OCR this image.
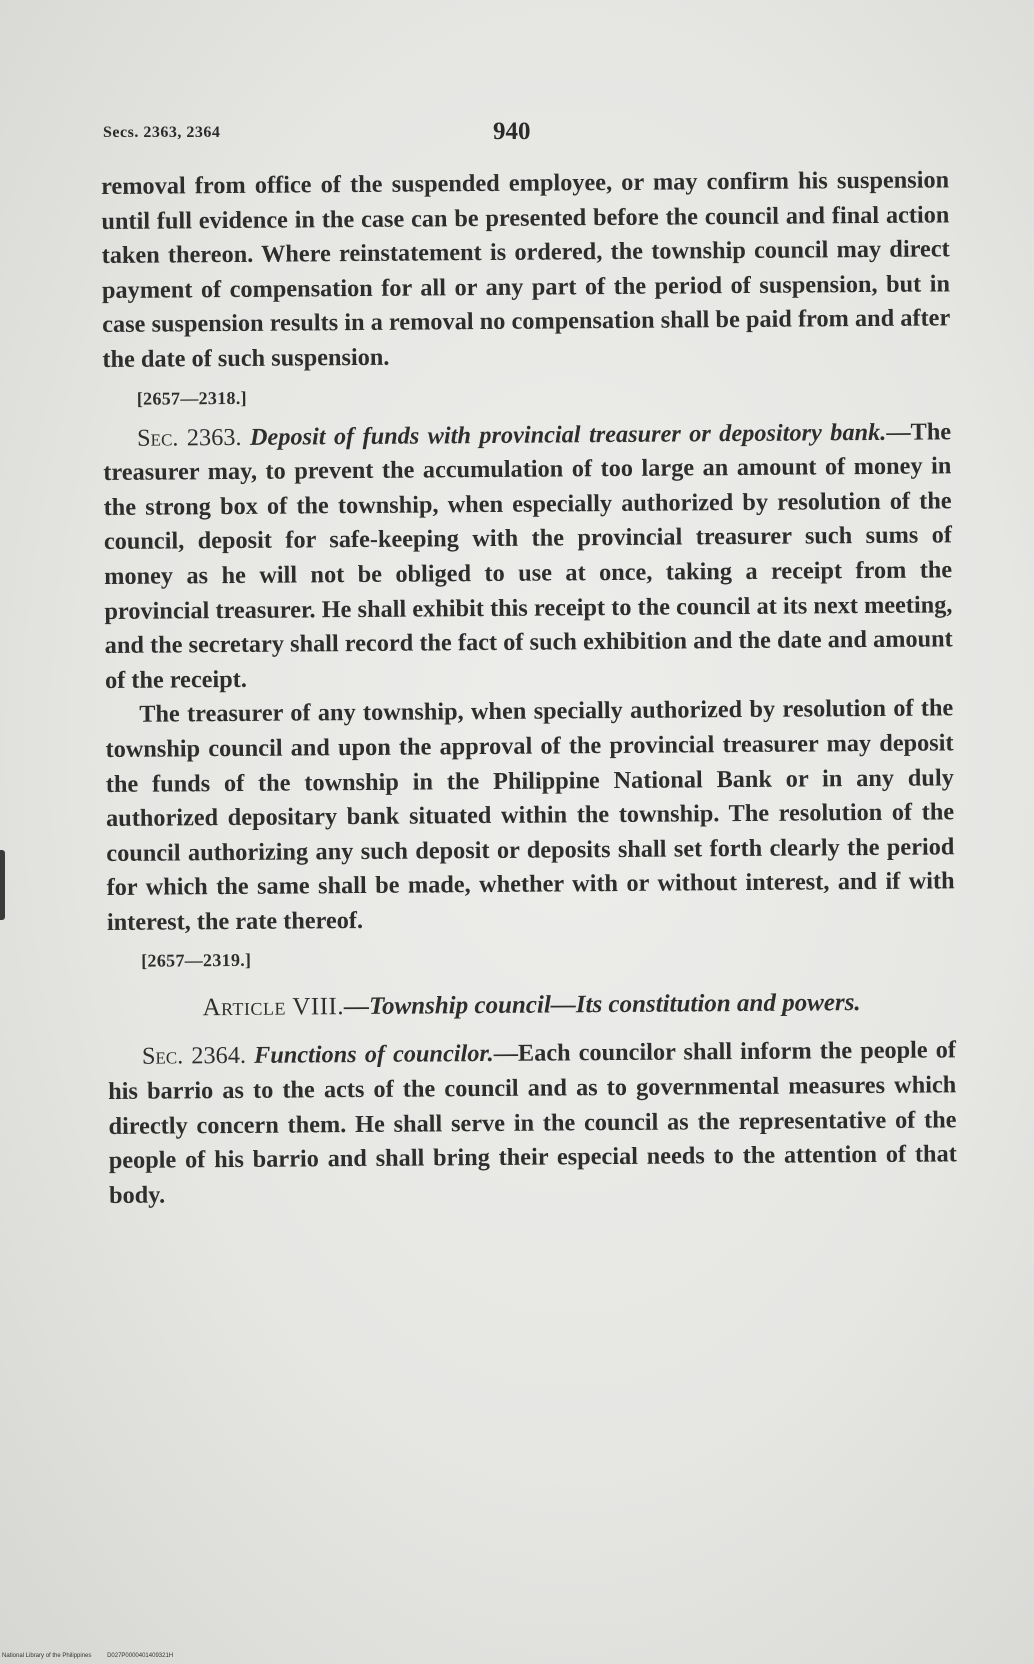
Secs. 2363, 2364	940

removal from office of the suspended employee, or may confirm his suspension until full evidence in the case can be presented before the council and final action taken thereon. Where reinstatement is ordered, the township council may direct payment of compensation for all or any part of the period of suspension, but in case suspension results in a removal no compensation shall be paid from and after the date of such suspension.

[2657—2318.]

Sec. 2363. Deposit of funds with provincial treasurer or depository bank.—The treasurer may, to prevent the accumulation of too large an amount of money in the strong box of the township, when especially authorized by resolution of the council, deposit for safe-keeping with the provincial treasurer such sums of money as he will not be obliged to use at once, taking a receipt from the provincial treasurer. He shall exhibit this receipt to the council at its next meeting, and the secretary shall record the fact of such exhibition and the date and amount of the receipt.

The treasurer of any township, when specially authorized by resolution of the township council and upon the approval of the provincial treasurer may deposit the funds of the township in the Philippine National Bank or in any duly authorized depositary bank situated within the township. The resolution of the council authorizing any such deposit or deposits shall set forth clearly the period for which the same shall be made, whether with or without interest, and if with interest, the rate thereof.

[2657—2319.]

Article VIII.—Township council—Its constitution and powers.

Sec. 2364. Functions of councilor.—Each councilor shall inform the people of his barrio as to the acts of the council and as to governmental measures which directly concern them. He shall serve in the council as the representative of the people of his barrio and shall bring their especial needs to the attention of that body.

National Library of the Philippines	D027P0000401409321H
